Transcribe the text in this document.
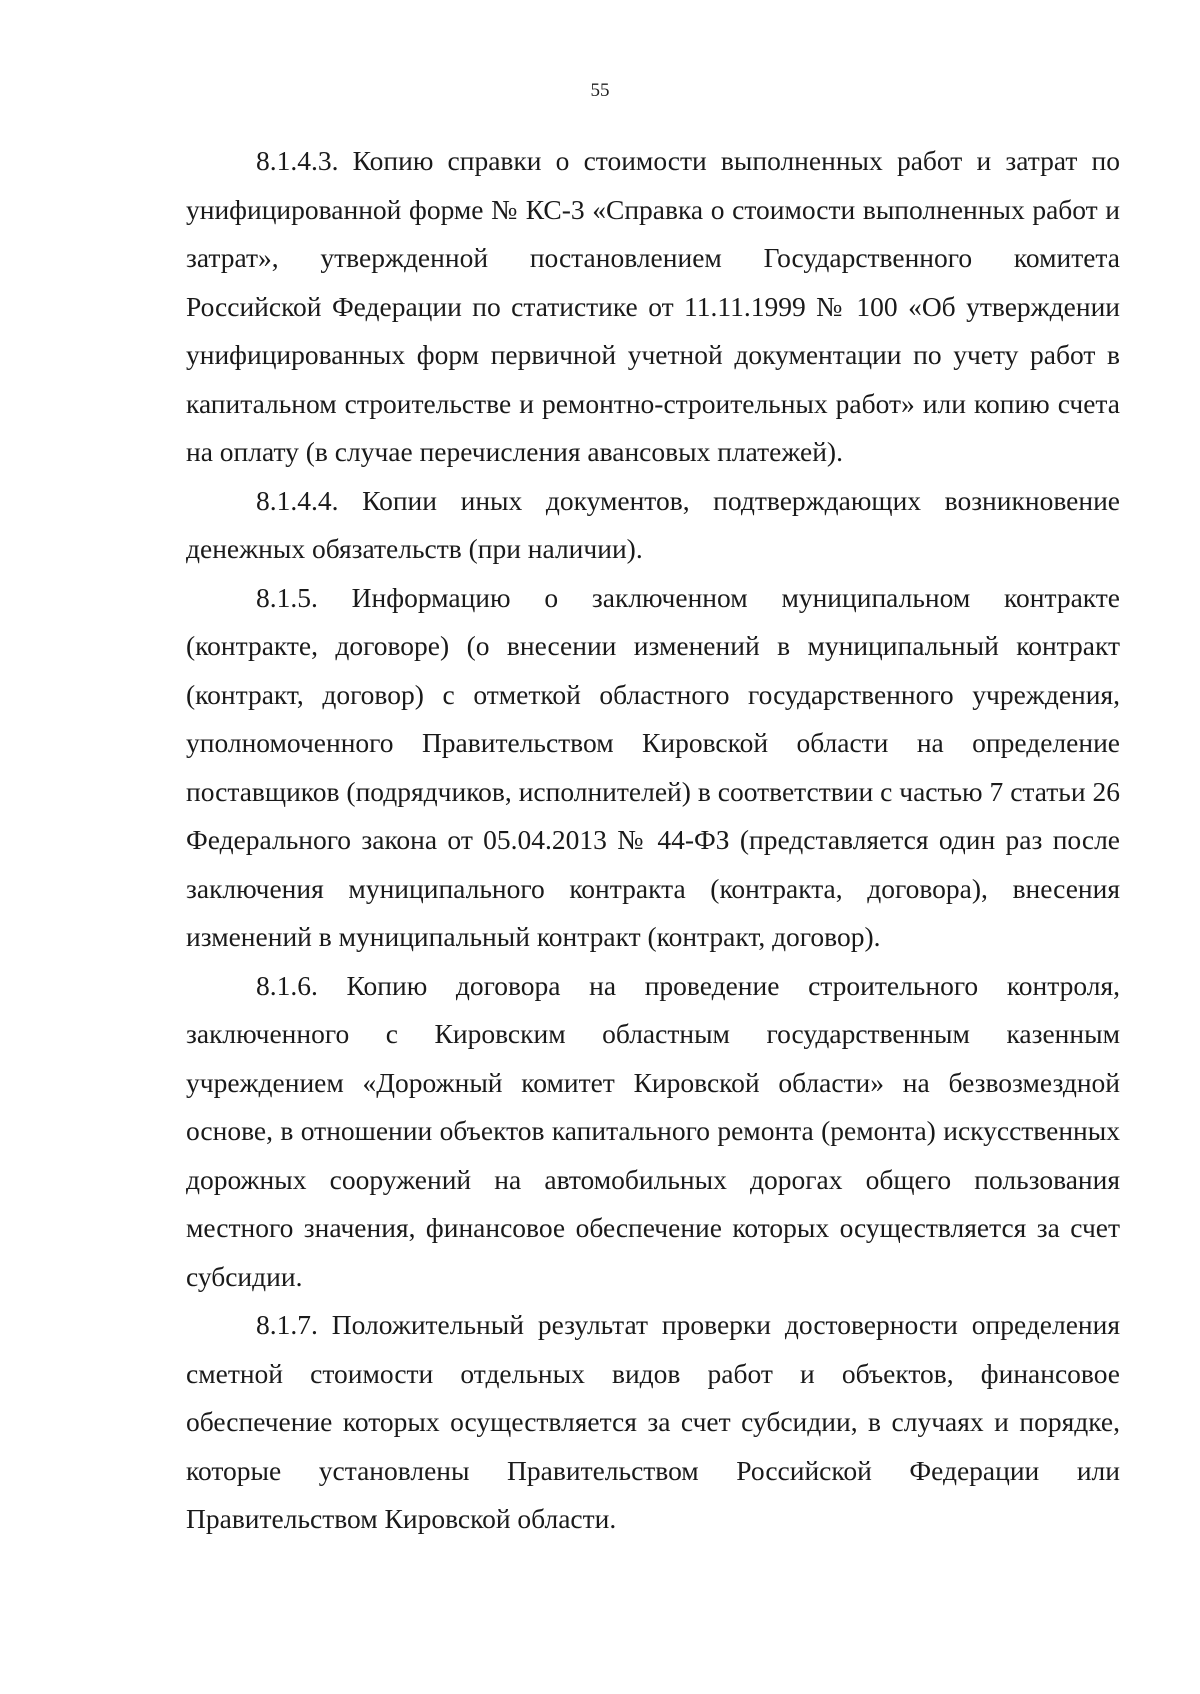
55

8.1.4.3. Копию справки о стоимости выполненных работ и затрат по унифицированной форме № КС-3 «Справка о стоимости выполненных работ и затрат», утвержденной постановлением Государственного комитета Российской Федерации по статистике от 11.11.1999 № 100 «Об утверждении унифицированных форм первичной учетной документации по учету работ в капитальном строительстве и ремонтно-строительных работ» или копию счета на оплату (в случае перечисления авансовых платежей).

8.1.4.4. Копии иных документов, подтверждающих возникновение денежных обязательств (при наличии).

8.1.5. Информацию о заключенном муниципальном контракте (контракте, договоре) (о внесении изменений в муниципальный контракт (контракт, договор) с отметкой областного государственного учреждения, уполномоченного Правительством Кировской области на определение поставщиков (подрядчиков, исполнителей) в соответствии с частью 7 статьи 26 Федерального закона от 05.04.2013 № 44-ФЗ (представляется один раз после заключения муниципального контракта (контракта, договора), внесения изменений в муниципальный контракт (контракт, договор).

8.1.6. Копию договора на проведение строительного контроля, заключенного с Кировским областным государственным казенным учреждением «Дорожный комитет Кировской области» на безвозмездной основе, в отношении объектов капитального ремонта (ремонта) искусственных дорожных сооружений на автомобильных дорогах общего пользования местного значения, финансовое обеспечение которых осуществляется за счет субсидии.

8.1.7. Положительный результат проверки достоверности определения сметной стоимости отдельных видов работ и объектов, финансовое обеспечение которых осуществляется за счет субсидии, в случаях и порядке, которые установлены Правительством Российской Федерации или Правительством Кировской области.
